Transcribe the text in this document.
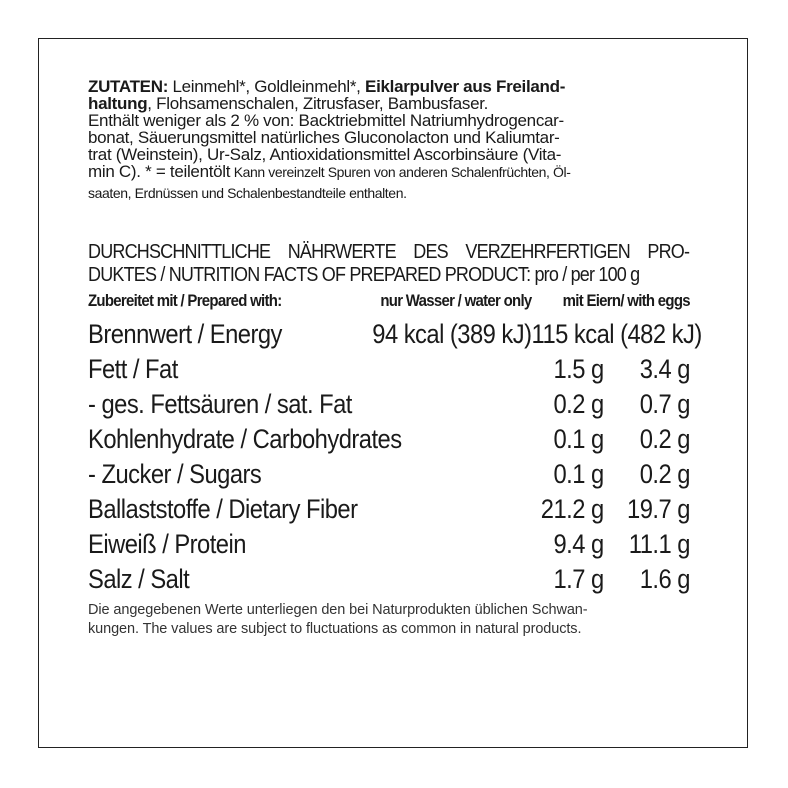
ZUTATEN: Leinmehl*, Goldleinmehl*, Eiklarpulver aus Freiland-
haltung, Flohsamenschalen, Zitrusfaser, Bambusfaser.
Enthält weniger als 2 % von: Backtriebmittel Natriumhydrogencar-
bonat, Säuerungsmittel natürliches Gluconolacton und Kaliumtar-
trat (Weinstein), Ur-Salz, Antioxidationsmittel Ascorbinsäure (Vita-
min C). * = teilentölt Kann vereinzelt Spuren von anderen Schalenfrüchten, Öl-
saaten, Erdnüssen und Schalenbestandteile enthalten.
DURCHSCHNITTLICHE NÄHRWERTE DES VERZEHRFERTIGEN PRO-
DUKTES / NUTRITION FACTS OF PREPARED PRODUCT: pro / per 100 g
Zubereitet mit / Prepared with:	nur Wasser / water only	mit Eiern/ with eggs
Brennwert / Energy	94 kcal (389 kJ) 115 kcal (482 kJ)
Fett / Fat	1.5 g	3.4 g
- ges. Fettsäuren / sat. Fat	0.2 g	0.7 g
Kohlenhydrate / Carbohydrates	0.1 g	0.2 g
- Zucker / Sugars	0.1 g	0.2 g
Ballaststoffe / Dietary Fiber	21.2 g 19.7 g
Eiweiß / Protein	9.4 g 11.1 g
Salz / Salt	1.7 g	1.6 g
Die angegebenen Werte unterliegen den bei Naturprodukten üblichen Schwan-
kungen. The values are subject to fluctuations as common in natural products.
